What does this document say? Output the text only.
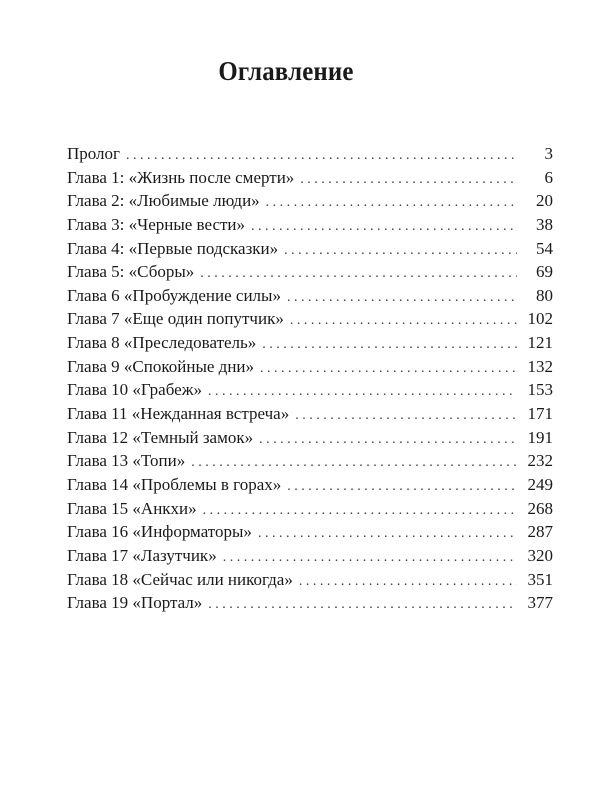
Оглавление
Пролог . . .	3
Глава 1: «Жизнь после смерти» . . .	6
Глава 2: «Любимые люди» . . .	20
Глава 3: «Черные вести» . . .	38
Глава 4: «Первые подсказки» . . .	54
Глава 5: «Сборы» . . .	69
Глава 6 «Пробуждение силы» . . .	80
Глава 7 «Еще один попутчик» . . .	102
Глава 8 «Преследователь» . . .	121
Глава 9 «Спокойные дни» . . .	132
Глава 10 «Грабеж» . . .	153
Глава 11 «Нежданная встреча» . . .	171
Глава 12 «Темный замок» . . .	191
Глава 13 «Топи» . . .	232
Глава 14 «Проблемы в горах» . . .	249
Глава 15 «Анкхи» . . .	268
Глава 16 «Информаторы» . . .	287
Глава 17 «Лазутчик» . . .	320
Глава 18 «Сейчас или никогда» . . .	351
Глава 19 «Портал» . . .	377
